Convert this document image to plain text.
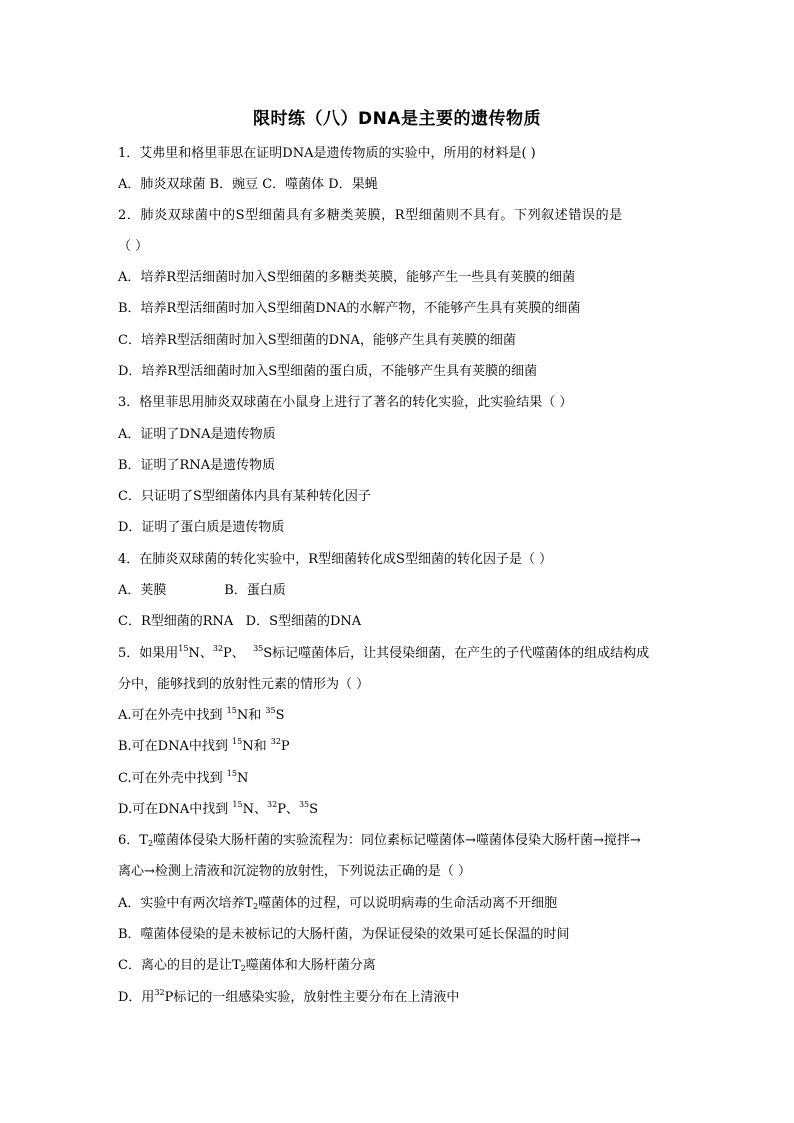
限时练（八）DNA是主要的遗传物质
1．艾弗里和格里菲思在证明DNA是遗传物质的实验中，所用的材料是( )
A．肺炎双球菌 B．豌豆 C．噬菌体 D．果蝇
2．肺炎双球菌中的S型细菌具有多糖类荚膜，R型细菌则不具有。下列叙述错误的是
（ ）
A．培养R型活细菌时加入S型细菌的多糖类荚膜，能够产生一些具有荚膜的细菌
B．培养R型活细菌时加入S型细菌DNA的水解产物，不能够产生具有荚膜的细菌
C．培养R型活细菌时加入S型细菌的DNA，能够产生具有荚膜的细菌
D．培养R型活细菌时加入S型细菌的蛋白质，不能够产生具有荚膜的细菌
3．格里菲思用肺炎双球菌在小鼠身上进行了著名的转化实验，此实验结果（ ）
A．证明了DNA是遗传物质
B．证明了RNA是遗传物质
C．只证明了S型细菌体内具有某种转化因子
D．证明了蛋白质是遗传物质
4．在肺炎双球菌的转化实验中，R型细菌转化成S型细菌的转化因子是（ ）
A．荚膜              B．蛋白质
C．R型细菌的RNA   D．S型细菌的DNA
5．如果用$^{15}$N、$^{32}$P、  $^{35}$S标记噬菌体后，让其侵染细菌，在产生的子代噬菌体的组成结构成
分中，能够找到的放射性元素的情形为（ ）
A.可在外壳中找到 $^{15}$N和 $^{35}$S
B.可在DNA中找到 $^{15}$N和 $^{32}$P
C.可在外壳中找到 $^{15}$N
D.可在DNA中找到 $^{15}$N、$^{32}$P、$^{35}$S
6．$T_2$噬菌体侵染大肠杆菌的实验流程为：同位素标记噬菌体→噬菌体侵染大肠杆菌→搅拌→
离心→检测上清液和沉淀物的放射性，下列说法正确的是（ ）
A．实验中有两次培养$T_2$噬菌体的过程，可以说明病毒的生命活动离不开细胞
B．噬菌体侵染的是未被标记的大肠杆菌，为保证侵染的效果可延长保温的时间
C．离心的目的是让$T_2$噬菌体和大肠杆菌分离
D．用$^{32}$P标记的一组感染实验，放射性主要分布在上清液中
